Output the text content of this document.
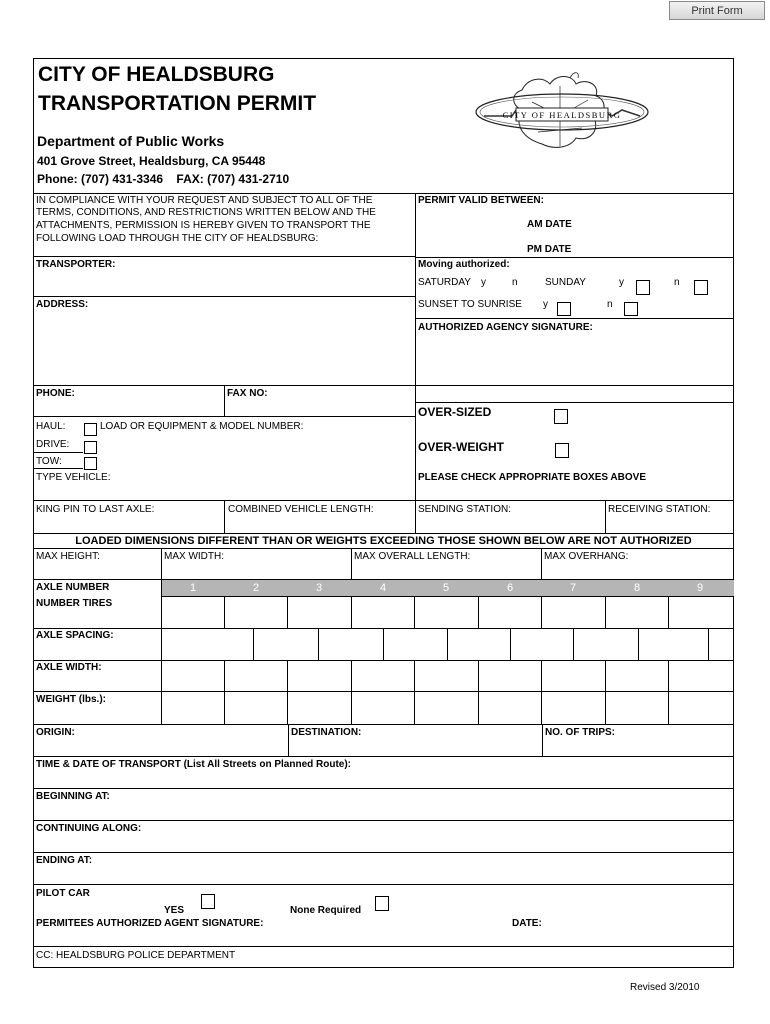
Print Form
CITY OF HEALDSBURG
TRANSPORTATION PERMIT
Department of Public Works
401 Grove Street, Healdsburg, CA 95448
Phone: (707) 431-3346    FAX: (707) 431-2710
CITY OF HEALDSBURG
IN COMPLIANCE WITH YOUR REQUEST AND SUBJECT TO ALL OF THE
TERMS, CONDITIONS, AND RESTRICTIONS WRITTEN BELOW AND THE
ATTACHMENTS, PERMISSION IS HEREBY GIVEN TO TRANSPORT THE
FOLLOWING LOAD THROUGH THE CITY OF HEALDSBURG:
PERMIT VALID BETWEEN:
AM DATE
PM DATE
TRANSPORTER:
ADDRESS:
Moving authorized:
SATURDAY y	n	SUNDAY	y	n
SUNSET TO SUNRISE y	n
AUTHORIZED AGENCY SIGNATURE:
PHONE:	FAX NO:
HAUL:	LOAD OR EQUIPMENT & MODEL NUMBER:
DRIVE:
TOW:
TYPE VEHICLE:
OVER-SIZED
OVER-WEIGHT
PLEASE CHECK APPROPRIATE BOXES ABOVE
KING PIN TO LAST AXLE:	COMBINED VEHICLE LENGTH:	SENDING STATION:	RECEIVING STATION:
LOADED DIMENSIONS DIFFERENT THAN OR WEIGHTS EXCEEDING THOSE SHOWN BELOW ARE NOT AUTHORIZED
MAX HEIGHT:	MAX WIDTH:	MAX OVERALL LENGTH:	MAX OVERHANG:
AXLE NUMBER	1	2	3	4	5	6	7	8	9
NUMBER TIRES
AXLE SPACING:
AXLE WIDTH:
WEIGHT (lbs.):
ORIGIN:	DESTINATION:	NO. OF TRIPS:
TIME & DATE OF TRANSPORT (List All Streets on Planned Route):
BEGINNING AT:
CONTINUING ALONG:
ENDING AT:
PILOT CAR
YES	None Required
PERMITEES AUTHORIZED AGENT SIGNATURE:	DATE:
CC: HEALDSBURG POLICE DEPARTMENT
Revised 3/2010
